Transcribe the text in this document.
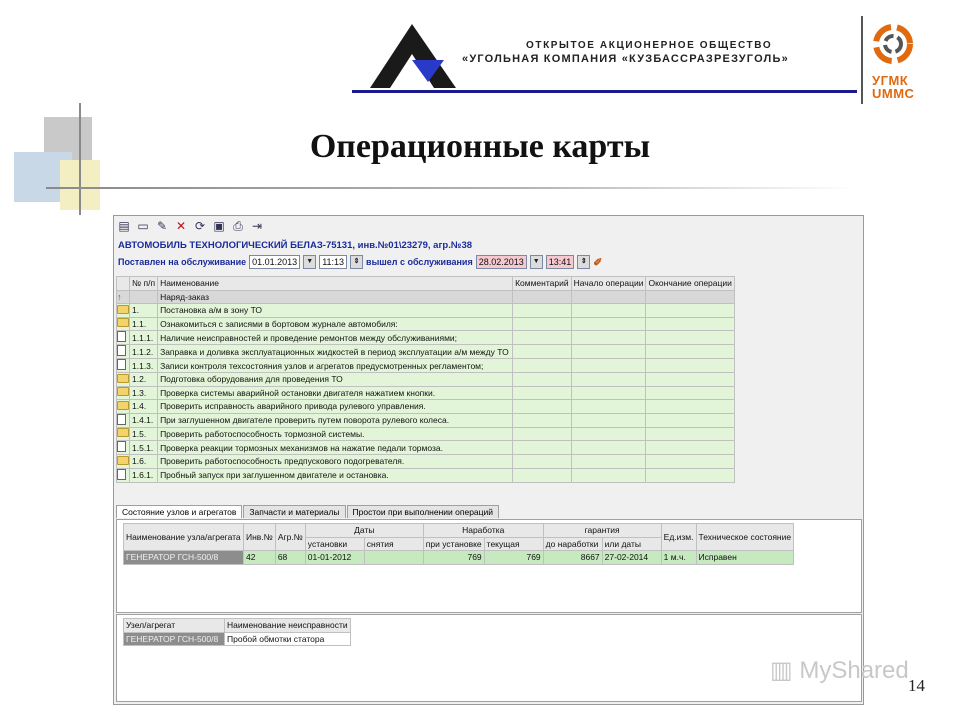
ОТКРЫТОЕ АКЦИОНЕРНОЕ ОБЩЕСТВО
«УГОЛЬНАЯ КОМПАНИЯ «КУЗБАССРАЗРЕЗУГОЛЬ»
УГМК
UMMC
Операционные карты
▤ ▭ ✎ ✕ ⟳ ▣ ⎙ ⇥
АВТОМОБИЛЬ ТЕХНОЛОГИЧЕСКИЙ БЕЛАЗ-75131, инв.№01\23279, агр.№38
Поставлен на обслуживание 01.01.2013	▼	11:13	⇕ вышел с обслуживания 28.02.2013	▼	13:41	⇕ ✐
	№ п/п	Наименование	Комментарий	Начало операции	Окончание операции
↑		Наряд-заказ			
	1.	Постановка а/м в зону ТО			
	1.1.	Ознакомиться с записями в бортовом журнале автомобиля:			
	1.1.1.	Наличие неисправностей и проведение ремонтов между обслуживаниями;			
	1.1.2.	Заправка и доливка эксплуатационных жидкостей в период эксплуатации а/м между ТО			
	1.1.3.	Записи контроля техсостояния узлов и агрегатов предусмотренных регламентом;			
	1.2.	Подготовка оборудования для проведения ТО			
	1.3.	Проверка системы аварийной остановки двигателя нажатием кнопки.			
	1.4.	Проверить исправность аварийного привода рулевого управления.			
	1.4.1.	При заглушенном двигателе проверить путем поворота рулевого колеса.			
	1.5.	Проверить работоспособность тормозной системы.			
	1.5.1.	Проверка реакции тормозных механизмов на нажатие педали тормоза.			
	1.6.	Проверить работоспособность предпускового подогревателя.			
	1.6.1.	Пробный запуск при заглушенном двигателе и остановка.			
Состояние узлов и агрегатов	Запчасти и материалы	Простои при выполнении операций
Наименование узла/агрегата	Инв.№	Агр.№	Даты		Наработка		гарантия		Ед.изм.	Техническое состояние
			установки	снятия	при установке	текущая	до наработки	или даты		
ГЕНЕРАТОР ГСН-500/8	42	68	01-01-2012		769	769	8667	27-02-2014	1 м.ч.	Исправен
Узел/агрегат	Наименование неисправности
ГЕНЕРАТОР ГСН-500/8	Пробой обмотки статора
▥ MyShared
14
